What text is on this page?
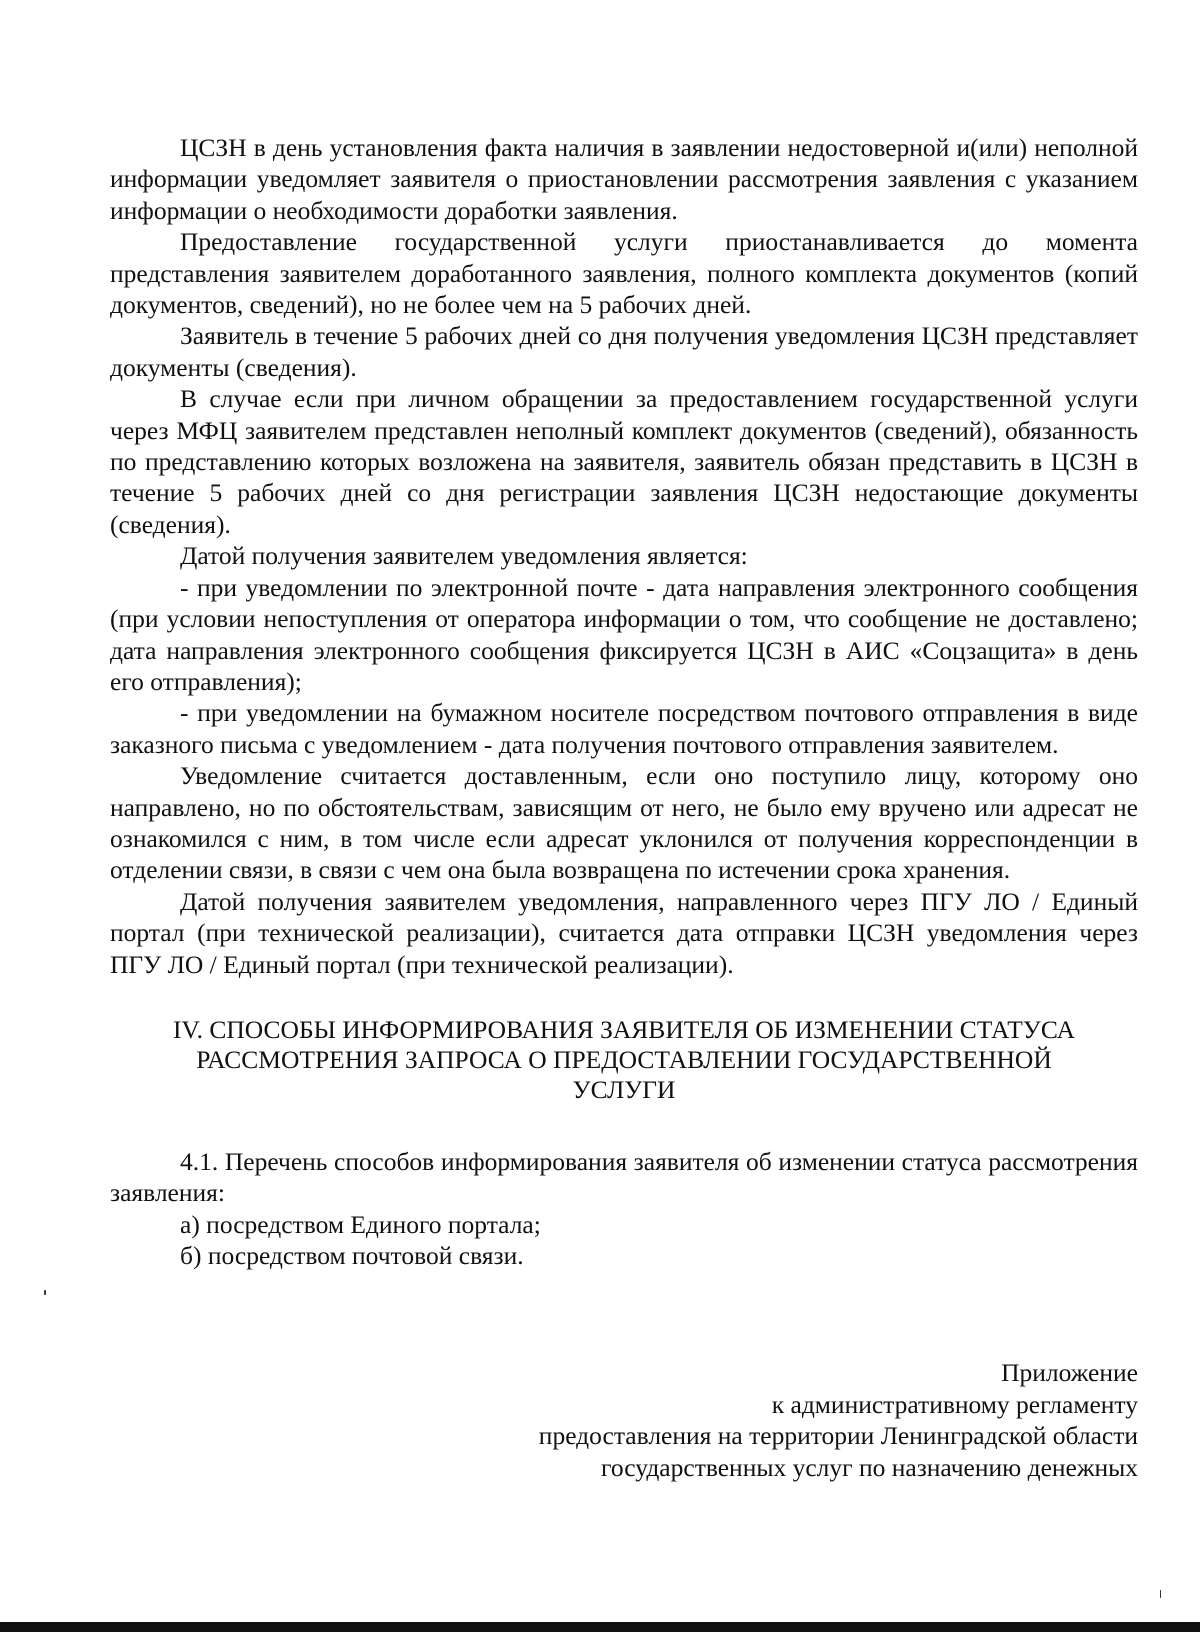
ЦСЗН в день установления факта наличия в заявлении недостоверной и(или) неполной информации уведомляет заявителя о приостановлении рассмотрения заявления с указанием информации о необходимости доработки заявления.

Предоставление государственной услуги приостанавливается до момента представления заявителем доработанного заявления, полного комплекта документов (копий документов, сведений), но не более чем на 5 рабочих дней.

Заявитель в течение 5 рабочих дней со дня получения уведомления ЦСЗН представляет документы (сведения).

В случае если при личном обращении за предоставлением государственной услуги через МФЦ заявителем представлен неполный комплект документов (сведений), обязанность по представлению которых возложена на заявителя, заявитель обязан представить в ЦСЗН в течение 5 рабочих дней со дня регистрации заявления ЦСЗН недостающие документы (сведения).

Датой получения заявителем уведомления является:

- при уведомлении по электронной почте - дата направления электронного сообщения (при условии непоступления от оператора информации о том, что сообщение не доставлено; дата направления электронного сообщения фиксируется ЦСЗН в АИС «Соцзащита» в день его отправления);

- при уведомлении на бумажном носителе посредством почтового отправления в виде заказного письма с уведомлением - дата получения почтового отправления заявителем.

Уведомление считается доставленным, если оно поступило лицу, которому оно направлено, но по обстоятельствам, зависящим от него, не было ему вручено или адресат не ознакомился с ним, в том числе если адресат уклонился от получения корреспонденции в отделении связи, в связи с чем она была возвращена по истечении срока хранения.

Датой получения заявителем уведомления, направленного через ПГУ ЛО / Единый портал (при технической реализации), считается дата отправки ЦСЗН уведомления через ПГУ ЛО / Единый портал (при технической реализации).

IV. СПОСОБЫ ИНФОРМИРОВАНИЯ ЗАЯВИТЕЛЯ ОБ ИЗМЕНЕНИИ СТАТУСА
РАССМОТРЕНИЯ ЗАПРОСА О ПРЕДОСТАВЛЕНИИ ГОСУДАРСТВЕННОЙ
УСЛУГИ

4.1. Перечень способов информирования заявителя об изменении статуса рассмотрения заявления:

а) посредством Единого портала;

б) посредством почтовой связи.

Приложение
к административному регламенту
предоставления на территории Ленинградской области
государственных услуг по назначению денежных
